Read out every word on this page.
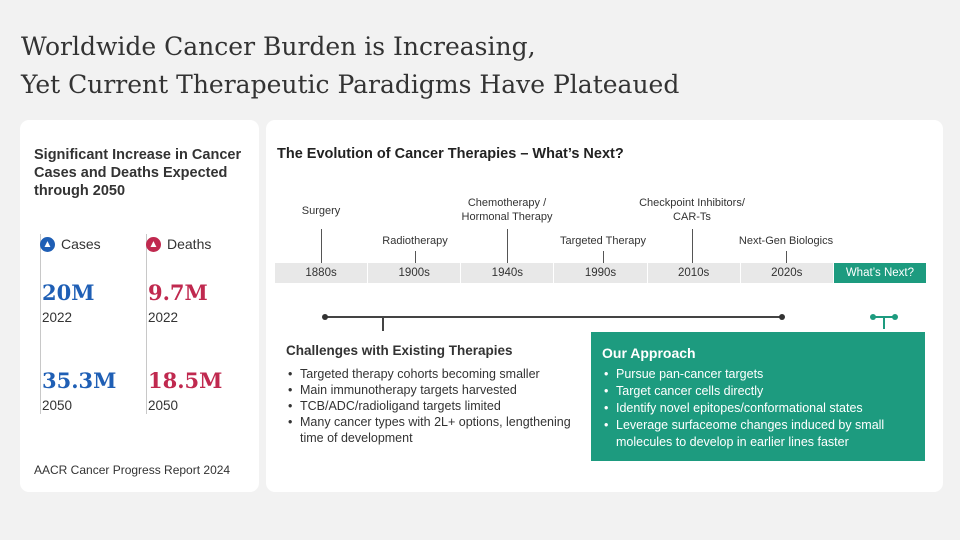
Worldwide Cancer Burden is Increasing,
Yet Current Therapeutic Paradigms Have Plateaued
Significant Increase in Cancer Cases and Deaths Expected through 2050
▲ Cases
20M
2022
35.3M
2050
▲ Deaths
9.7M
2022
18.5M
2050
AACR Cancer Progress Report 2024
The Evolution of Cancer Therapies – What’s Next?
Surgery
Chemotherapy /
Hormonal Therapy
Checkpoint Inhibitors/
CAR-Ts
Radiotherapy	Targeted Therapy	Next-Gen Biologics
1880s	1900s	1940s	1990s	2010s	2020s	What’s Next?
Challenges with Existing Therapies
• Targeted therapy cohorts becoming smaller
• Main immunotherapy targets harvested
• TCB/ADC/radioligand targets limited
• Many cancer types with 2L+ options, lengthening time of development
Our Approach
• Pursue pan-cancer targets
• Target cancer cells directly
• Identify novel epitopes/conformational states
• Leverage surfaceome changes induced by small molecules to develop in earlier lines faster
